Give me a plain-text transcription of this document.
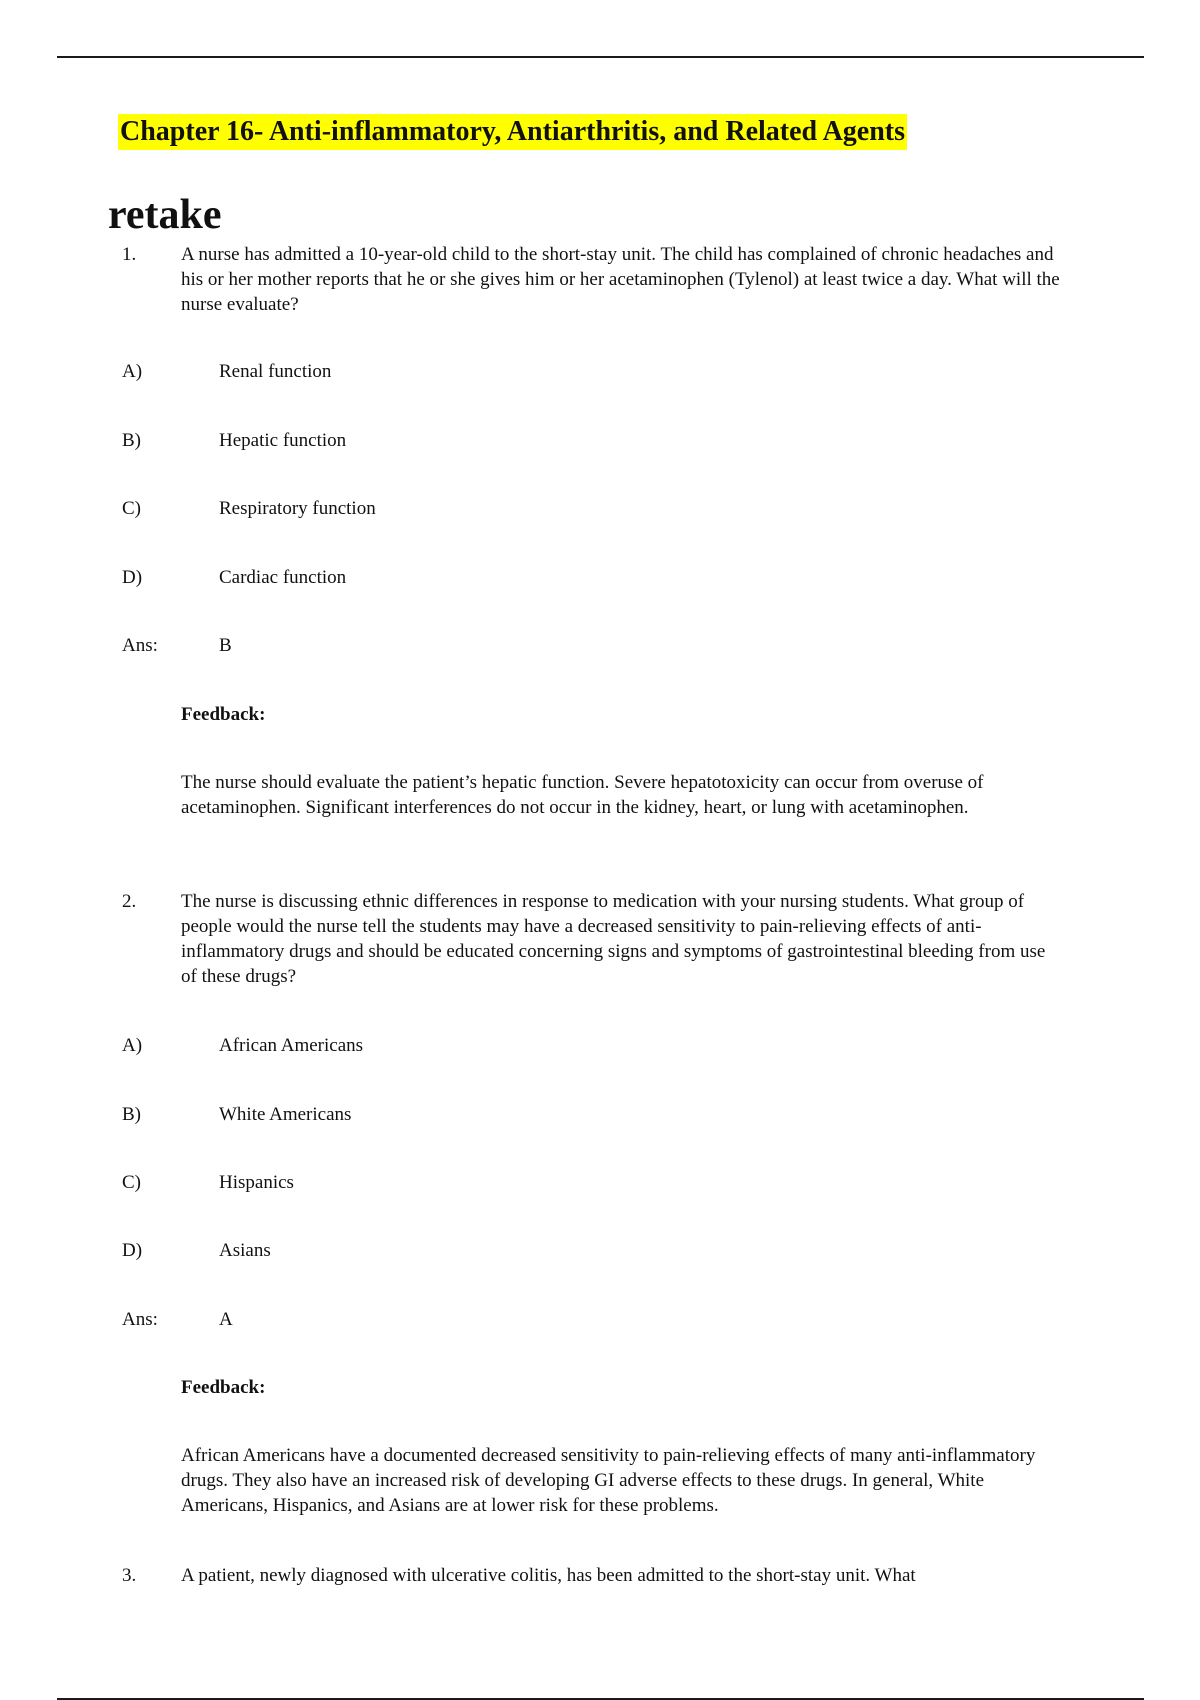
Chapter 16- Anti-inflammatory, Antiarthritis, and Related Agents
retake
1. A nurse has admitted a 10-year-old child to the short-stay unit. The child has complained of chronic headaches and his or her mother reports that he or she gives him or her acetaminophen (Tylenol) at least twice a day. What will the nurse evaluate?

A)	Renal function
B)	Hepatic function
C)	Respiratory function
D)	Cardiac function
Ans:	B
Feedback:

The nurse should evaluate the patient’s hepatic function. Severe hepatotoxicity can occur from overuse of acetaminophen. Significant interferences do not occur in the kidney, heart, or lung with acetaminophen.

2. The nurse is discussing ethnic differences in response to medication with your nursing students. What group of people would the nurse tell the students may have a decreased sensitivity to pain-relieving effects of anti-inflammatory drugs and should be educated concerning signs and symptoms of gastrointestinal bleeding from use of these drugs?

A)	African Americans
B)	White Americans
C)	Hispanics
D)	Asians
Ans:	A
Feedback:

African Americans have a documented decreased sensitivity to pain-relieving effects of many anti-inflammatory drugs. They also have an increased risk of developing GI adverse effects to these drugs. In general, White Americans, Hispanics, and Asians are at lower risk for these problems.

3. A patient, newly diagnosed with ulcerative colitis, has been admitted to the short-stay unit. What
